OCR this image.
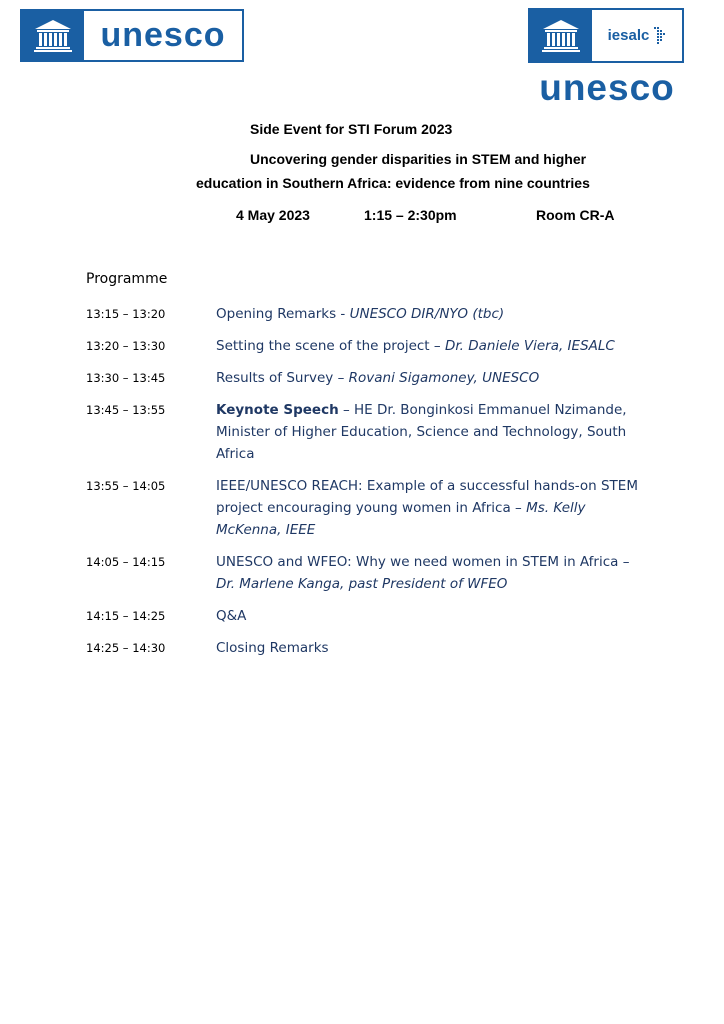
unesco	iesalc
unesco
Side Event for STI Forum 2023
Uncovering gender disparities in STEM and higher
education in Southern Africa: evidence from nine countries
4 May 2023	1:15 – 2:30pm	Room CR-A
Programme
13:15 – 13:20	Opening Remarks - UNESCO DIR/NYO (tbc)
13:20 – 13:30	Setting the scene of the project – Dr. Daniele Viera, IESALC
13:30 – 13:45	Results of Survey – Rovani Sigamoney, UNESCO
13:45 – 13:55	Keynote Speech – HE Dr. Bonginkosi Emmanuel Nzimande, Minister of Higher Education, Science and Technology, South Africa
13:55 – 14:05	IEEE/UNESCO REACH: Example of a successful hands-on STEM project encouraging young women in Africa – Ms. Kelly McKenna, IEEE
14:05 – 14:15	UNESCO and WFEO: Why we need women in STEM in Africa – Dr. Marlene Kanga, past President of WFEO
14:15 – 14:25	Q&A
14:25 – 14:30	Closing Remarks
